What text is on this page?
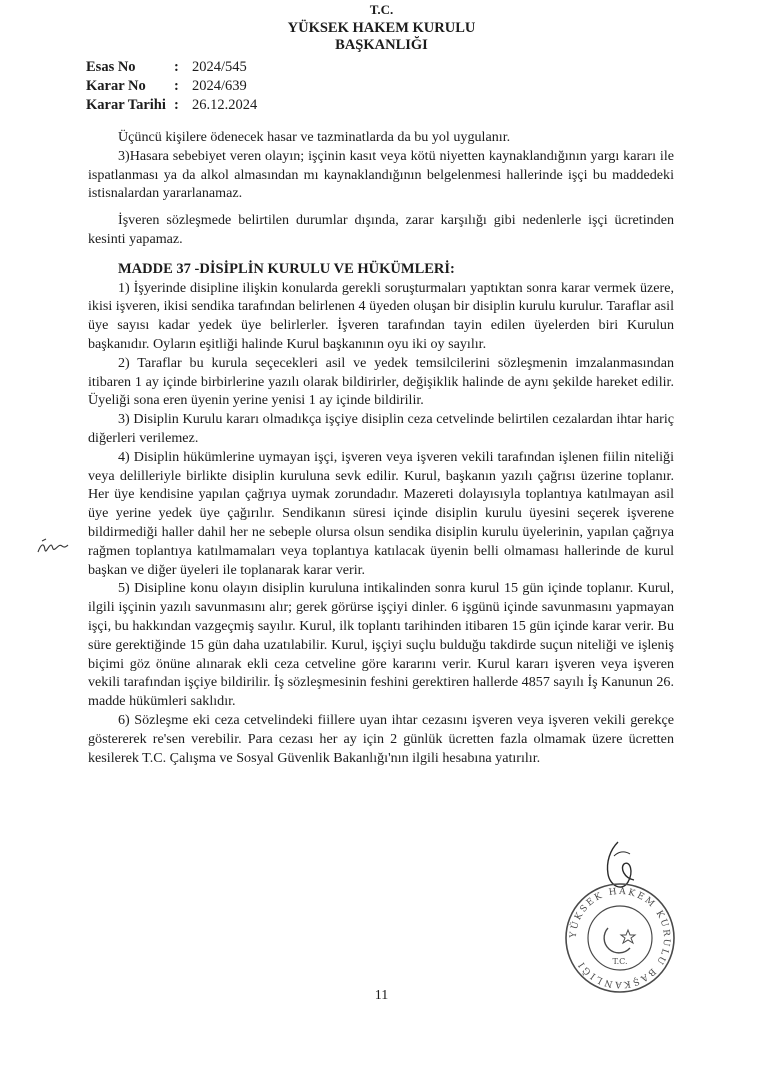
T.C.
YÜKSEK HAKEM KURULU
BAŞKANLIĞI
Esas No	: 2024/545
Karar No	: 2024/639
Karar Tarihi : 26.12.2024

Üçüncü kişilere ödenecek hasar ve tazminatlarda da bu yol uygulanır.

3)Hasara sebebiyet veren olayın; işçinin kasıt veya kötü niyetten kaynaklandığının yargı kararı ile ispatlanması ya da alkol almasından mı kaynaklandığının belgelenmesi hallerinde işçi bu maddedeki istisnalardan yararlanamaz.

İşveren sözleşmede belirtilen durumlar dışında, zarar karşılığı gibi nedenlerle işçi ücretinden kesinti yapamaz.

MADDE 37 -DİSİPLİN KURULU VE HÜKÜMLERİ:

1) İşyerinde disipline ilişkin konularda gerekli soruşturmaları yaptıktan sonra karar vermek üzere, ikisi işveren, ikisi sendika tarafından belirlenen 4 üyeden oluşan bir disiplin kurulu kurulur. Taraflar asil üye sayısı kadar yedek üye belirlerler. İşveren tarafından tayin edilen üyelerden biri Kurulun başkanıdır. Oyların eşitliği halinde Kurul başkanının oyu iki oy sayılır.

2) Taraflar bu kurula seçecekleri asil ve yedek temsilcilerini sözleşmenin imzalanmasından itibaren 1 ay içinde birbirlerine yazılı olarak bildirirler, değişiklik halinde de aynı şekilde hareket edilir. Üyeliği sona eren üyenin yerine yenisi 1 ay içinde bildirilir.

3) Disiplin Kurulu kararı olmadıkça işçiye disiplin ceza cetvelinde belirtilen cezalardan ihtar hariç diğerleri verilemez.

4) Disiplin hükümlerine uymayan işçi, işveren veya işveren vekili tarafından işlenen fiilin niteliği veya delilleriyle birlikte disiplin kuruluna sevk edilir. Kurul, başkanın yazılı çağrısı üzerine toplanır. Her üye kendisine yapılan çağrıya uymak zorundadır. Mazereti dolayısıyla toplantıya katılmayan asil üye yerine yedek üye çağırılır. Sendikanın süresi içinde disiplin kurulu üyesini seçerek işverene bildirmediği haller dahil her ne sebeple olursa olsun sendika disiplin kurulu üyelerinin, yapılan çağrıya rağmen toplantıya katılmamaları veya toplantıya katılacak üyenin belli olmaması hallerinde de kurul başkan ve diğer üyeleri ile toplanarak karar verir.

5) Disipline konu olayın disiplin kuruluna intikalinden sonra kurul 15 gün içinde toplanır. Kurul, ilgili işçinin yazılı savunmasını alır; gerek görürse işçiyi dinler. 6 işgünü içinde savunmasını yapmayan işçi, bu hakkından vazgeçmiş sayılır. Kurul, ilk toplantı tarihinden itibaren 15 gün içinde karar verir. Bu süre gerektiğinde 15 gün daha uzatılabilir. Kurul, işçiyi suçlu bulduğu takdirde suçun niteliği ve işleniş biçimi göz önüne alınarak ekli ceza cetveline göre kararını verir. Kurul kararı işveren veya işveren vekili tarafından işçiye bildirilir. İş sözleşmesinin feshini gerektiren hallerde 4857 sayılı İş Kanunun 26. madde hükümleri saklıdır.

6) Sözleşme eki ceza cetvelindeki fiillere uyan ihtar cezasını işveren veya işveren vekili gerekçe göstererek re'sen verebilir. Para cezası her ay için 2 günlük ücretten fazla olmamak üzere ücretten kesilerek T.C. Çalışma ve Sosyal Güvenlik Bakanlığı'nın ilgili hesabına yatırılır.

YÜKSEK HAKEM KURULU BAŞKANLIĞI	T.C.
11
